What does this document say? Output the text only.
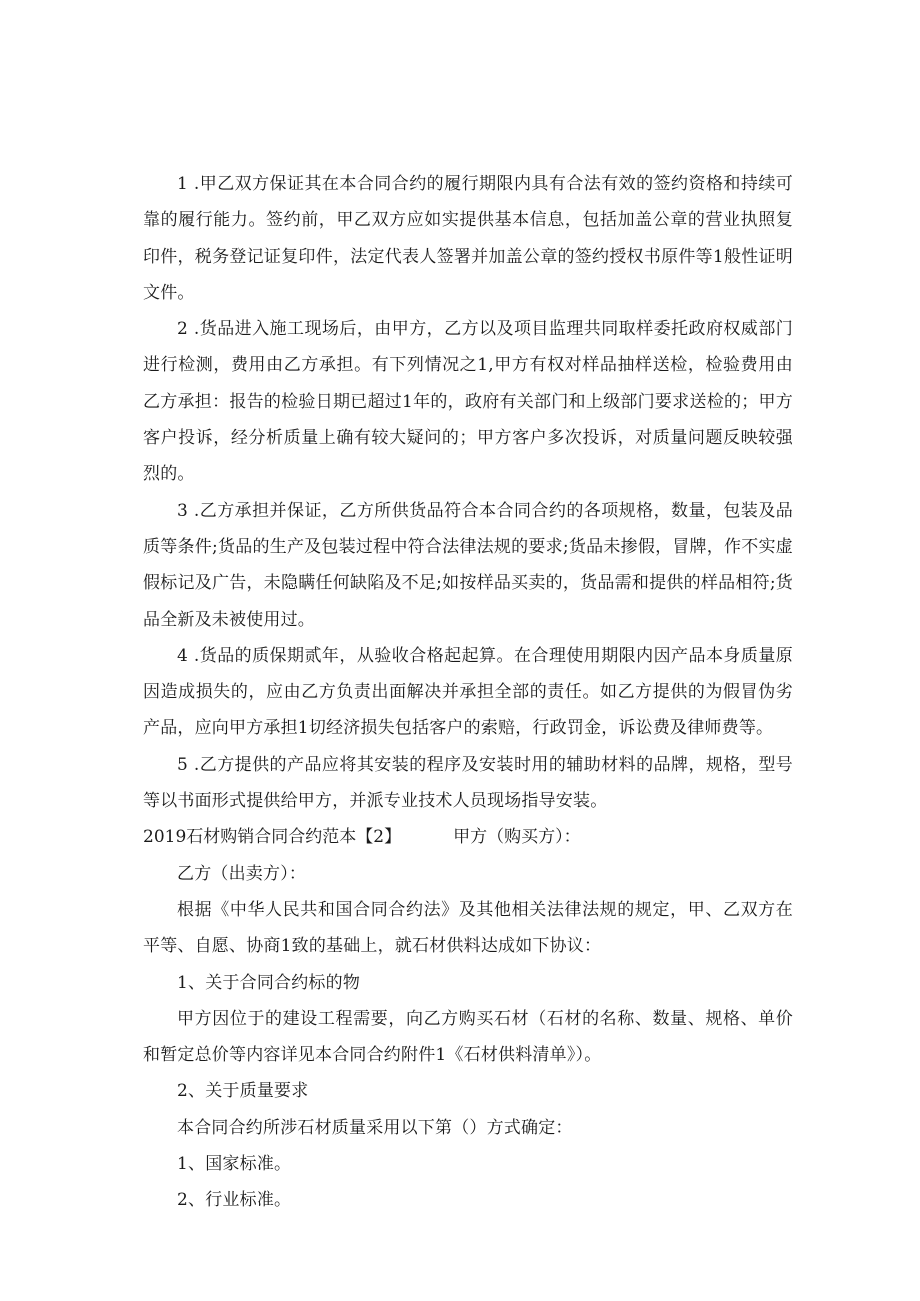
1 .甲乙双方保证其在本合同合约的履行期限内具有合法有效的签约资格和持续可靠的履行能力。签约前，甲乙双方应如实提供基本信息，包括加盖公章的营业执照复印件，税务登记证复印件，法定代表人签署并加盖公章的签约授权书原件等1般性证明文件。

2 .货品进入施工现场后，由甲方，乙方以及项目监理共同取样委托政府权威部门进行检测，费用由乙方承担。有下列情况之1,甲方有权对样品抽样送检，检验费用由乙方承担：报告的检验日期已超过1年的，政府有关部门和上级部门要求送检的；甲方客户投诉，经分析质量上确有较大疑问的；甲方客户多次投诉，对质量问题反映较强烈的。

3 .乙方承担并保证，乙方所供货品符合本合同合约的各项规格，数量，包装及品质等条件;货品的生产及包装过程中符合法律法规的要求;货品未掺假，冒牌，作不实虚假标记及广告，未隐瞒任何缺陷及不足;如按样品买卖的，货品需和提供的样品相符;货品全新及未被使用过。

4 .货品的质保期贰年，从验收合格起起算。在合理使用期限内因产品本身质量原因造成损失的，应由乙方负责出面解决并承担全部的责任。如乙方提供的为假冒伪劣产品，应向甲方承担1切经济损失包括客户的索赔，行政罚金，诉讼费及律师费等。

5 .乙方提供的产品应将其安装的程序及安装时用的辅助材料的品牌，规格，型号等以书面形式提供给甲方，并派专业技术人员现场指导安装。

2019石材购销合同合约范本【2】	甲方（购买方）：

乙方（出卖方）：

根据《中华人民共和国合同合约法》及其他相关法律法规的规定，甲、乙双方在平等、自愿、协商1致的基础上，就石材供料达成如下协议：

1、关于合同合约标的物

甲方因位于的建设工程需要，向乙方购买石材（石材的名称、数量、规格、单价和暂定总价等内容详见本合同合约附件1《石材供料清单》）。

2、关于质量要求

本合同合约所涉石材质量采用以下第（）方式确定：

1、国家标准。

2、行业标准。
